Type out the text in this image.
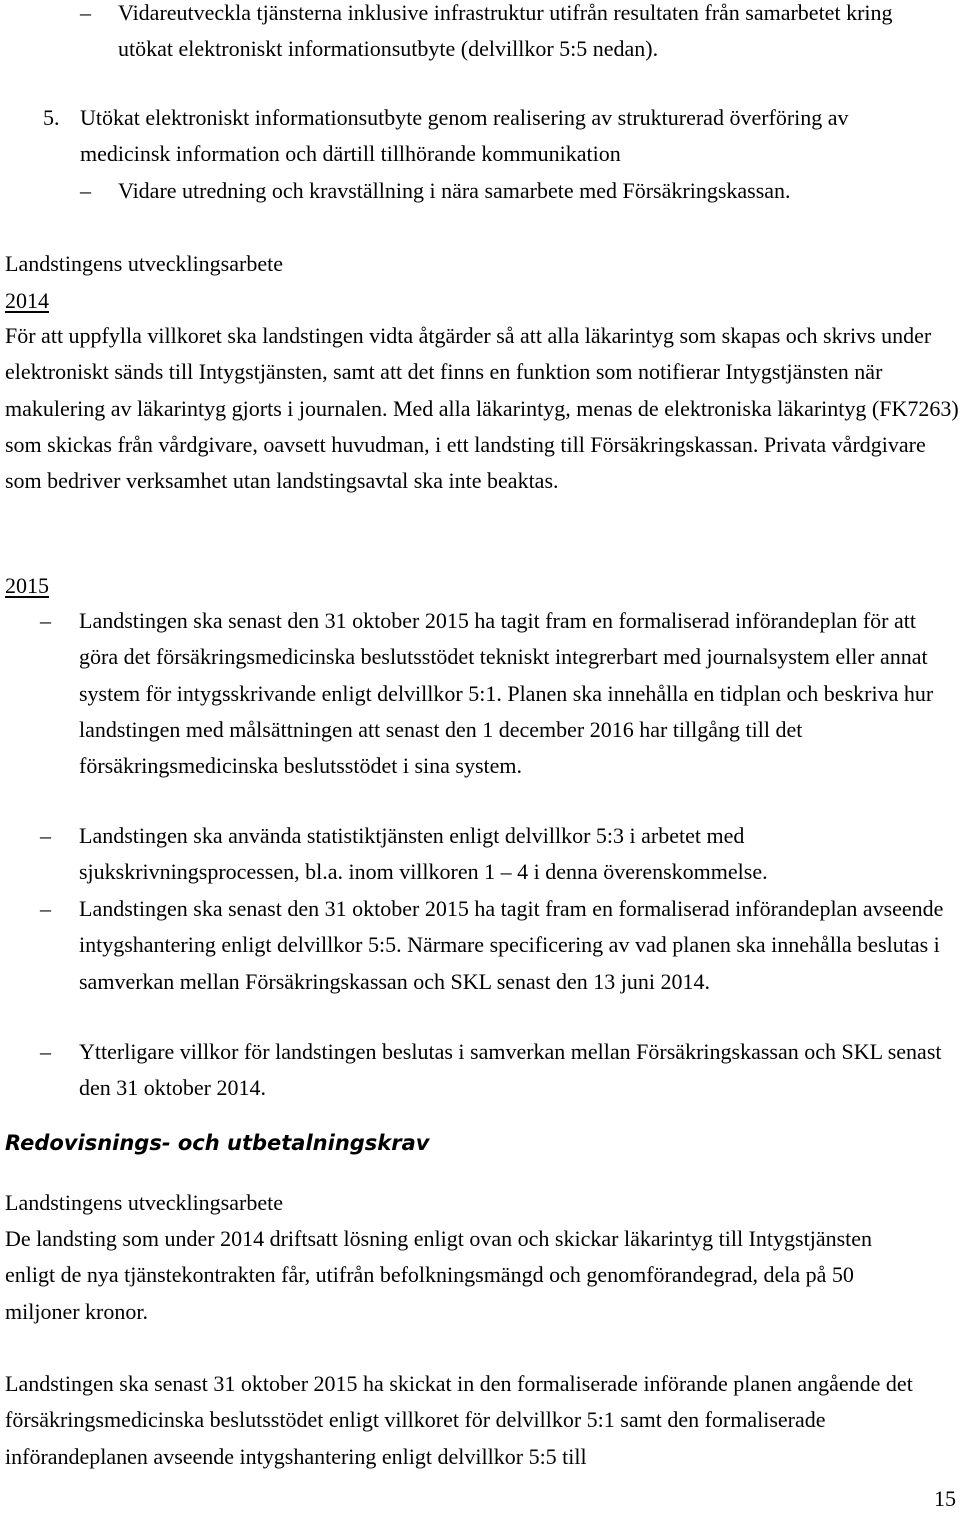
– Vidareutveckla tjänsterna inklusive infrastruktur utifrån resultaten från samarbetet kring utökat elektroniskt informationsutbyte (delvillkor 5:5 nedan).
5. Utökat elektroniskt informationsutbyte genom realisering av strukturerad överföring av medicinsk information och därtill tillhörande kommunikation
– Vidare utredning och kravställning i nära samarbete med Försäkringskassan.
Landstingens utvecklingsarbete
2014
För att uppfylla villkoret ska landstingen vidta åtgärder så att alla läkarintyg som skapas och skrivs under elektroniskt sänds till Intygstjänsten, samt att det finns en funktion som notifierar Intygstjänsten när makulering av läkarintyg gjorts i journalen. Med alla läkarintyg, menas de elektroniska läkarintyg (FK7263) som skickas från vårdgivare, oavsett huvudman, i ett landsting till Försäkringskassan. Privata vårdgivare som bedriver verksamhet utan landstingsavtal ska inte beaktas.
2015
– Landstingen ska senast den 31 oktober 2015 ha tagit fram en formaliserad införandeplan för att göra det försäkringsmedicinska beslutsstödet tekniskt integrerbart med journalsystem eller annat system för intygsskrivande enligt delvillkor 5:1. Planen ska innehålla en tidplan och beskriva hur landstingen med målsättningen att senast den 1 december 2016 har tillgång till det försäkringsmedicinska beslutsstödet i sina system.
– Landstingen ska använda statistiktjänsten enligt delvillkor 5:3 i arbetet med sjukskrivningsprocessen, bl.a. inom villkoren 1 – 4 i denna överenskommelse.
– Landstingen ska senast den 31 oktober 2015 ha tagit fram en formaliserad införandeplan avseende intygshantering enligt delvillkor 5:5. Närmare specificering av vad planen ska innehålla beslutas i samverkan mellan Försäkringskassan och SKL senast den 13 juni 2014.
– Ytterligare villkor för landstingen beslutas i samverkan mellan Försäkringskassan och SKL senast den 31 oktober 2014.
Redovisnings- och utbetalningskrav
Landstingens utvecklingsarbete
De landsting som under 2014 driftsatt lösning enligt ovan och skickar läkarintyg till Intygstjänsten enligt de nya tjänstekontrakten får, utifrån befolkningsmängd och genomförandegrad, dela på 50 miljoner kronor.
Landstingen ska senast 31 oktober 2015 ha skickat in den formaliserade införande planen angående det försäkringsmedicinska beslutsstödet enligt villkoret för delvillkor 5:1 samt den formaliserade införandeplanen avseende intygshantering enligt delvillkor 5:5 till
15
